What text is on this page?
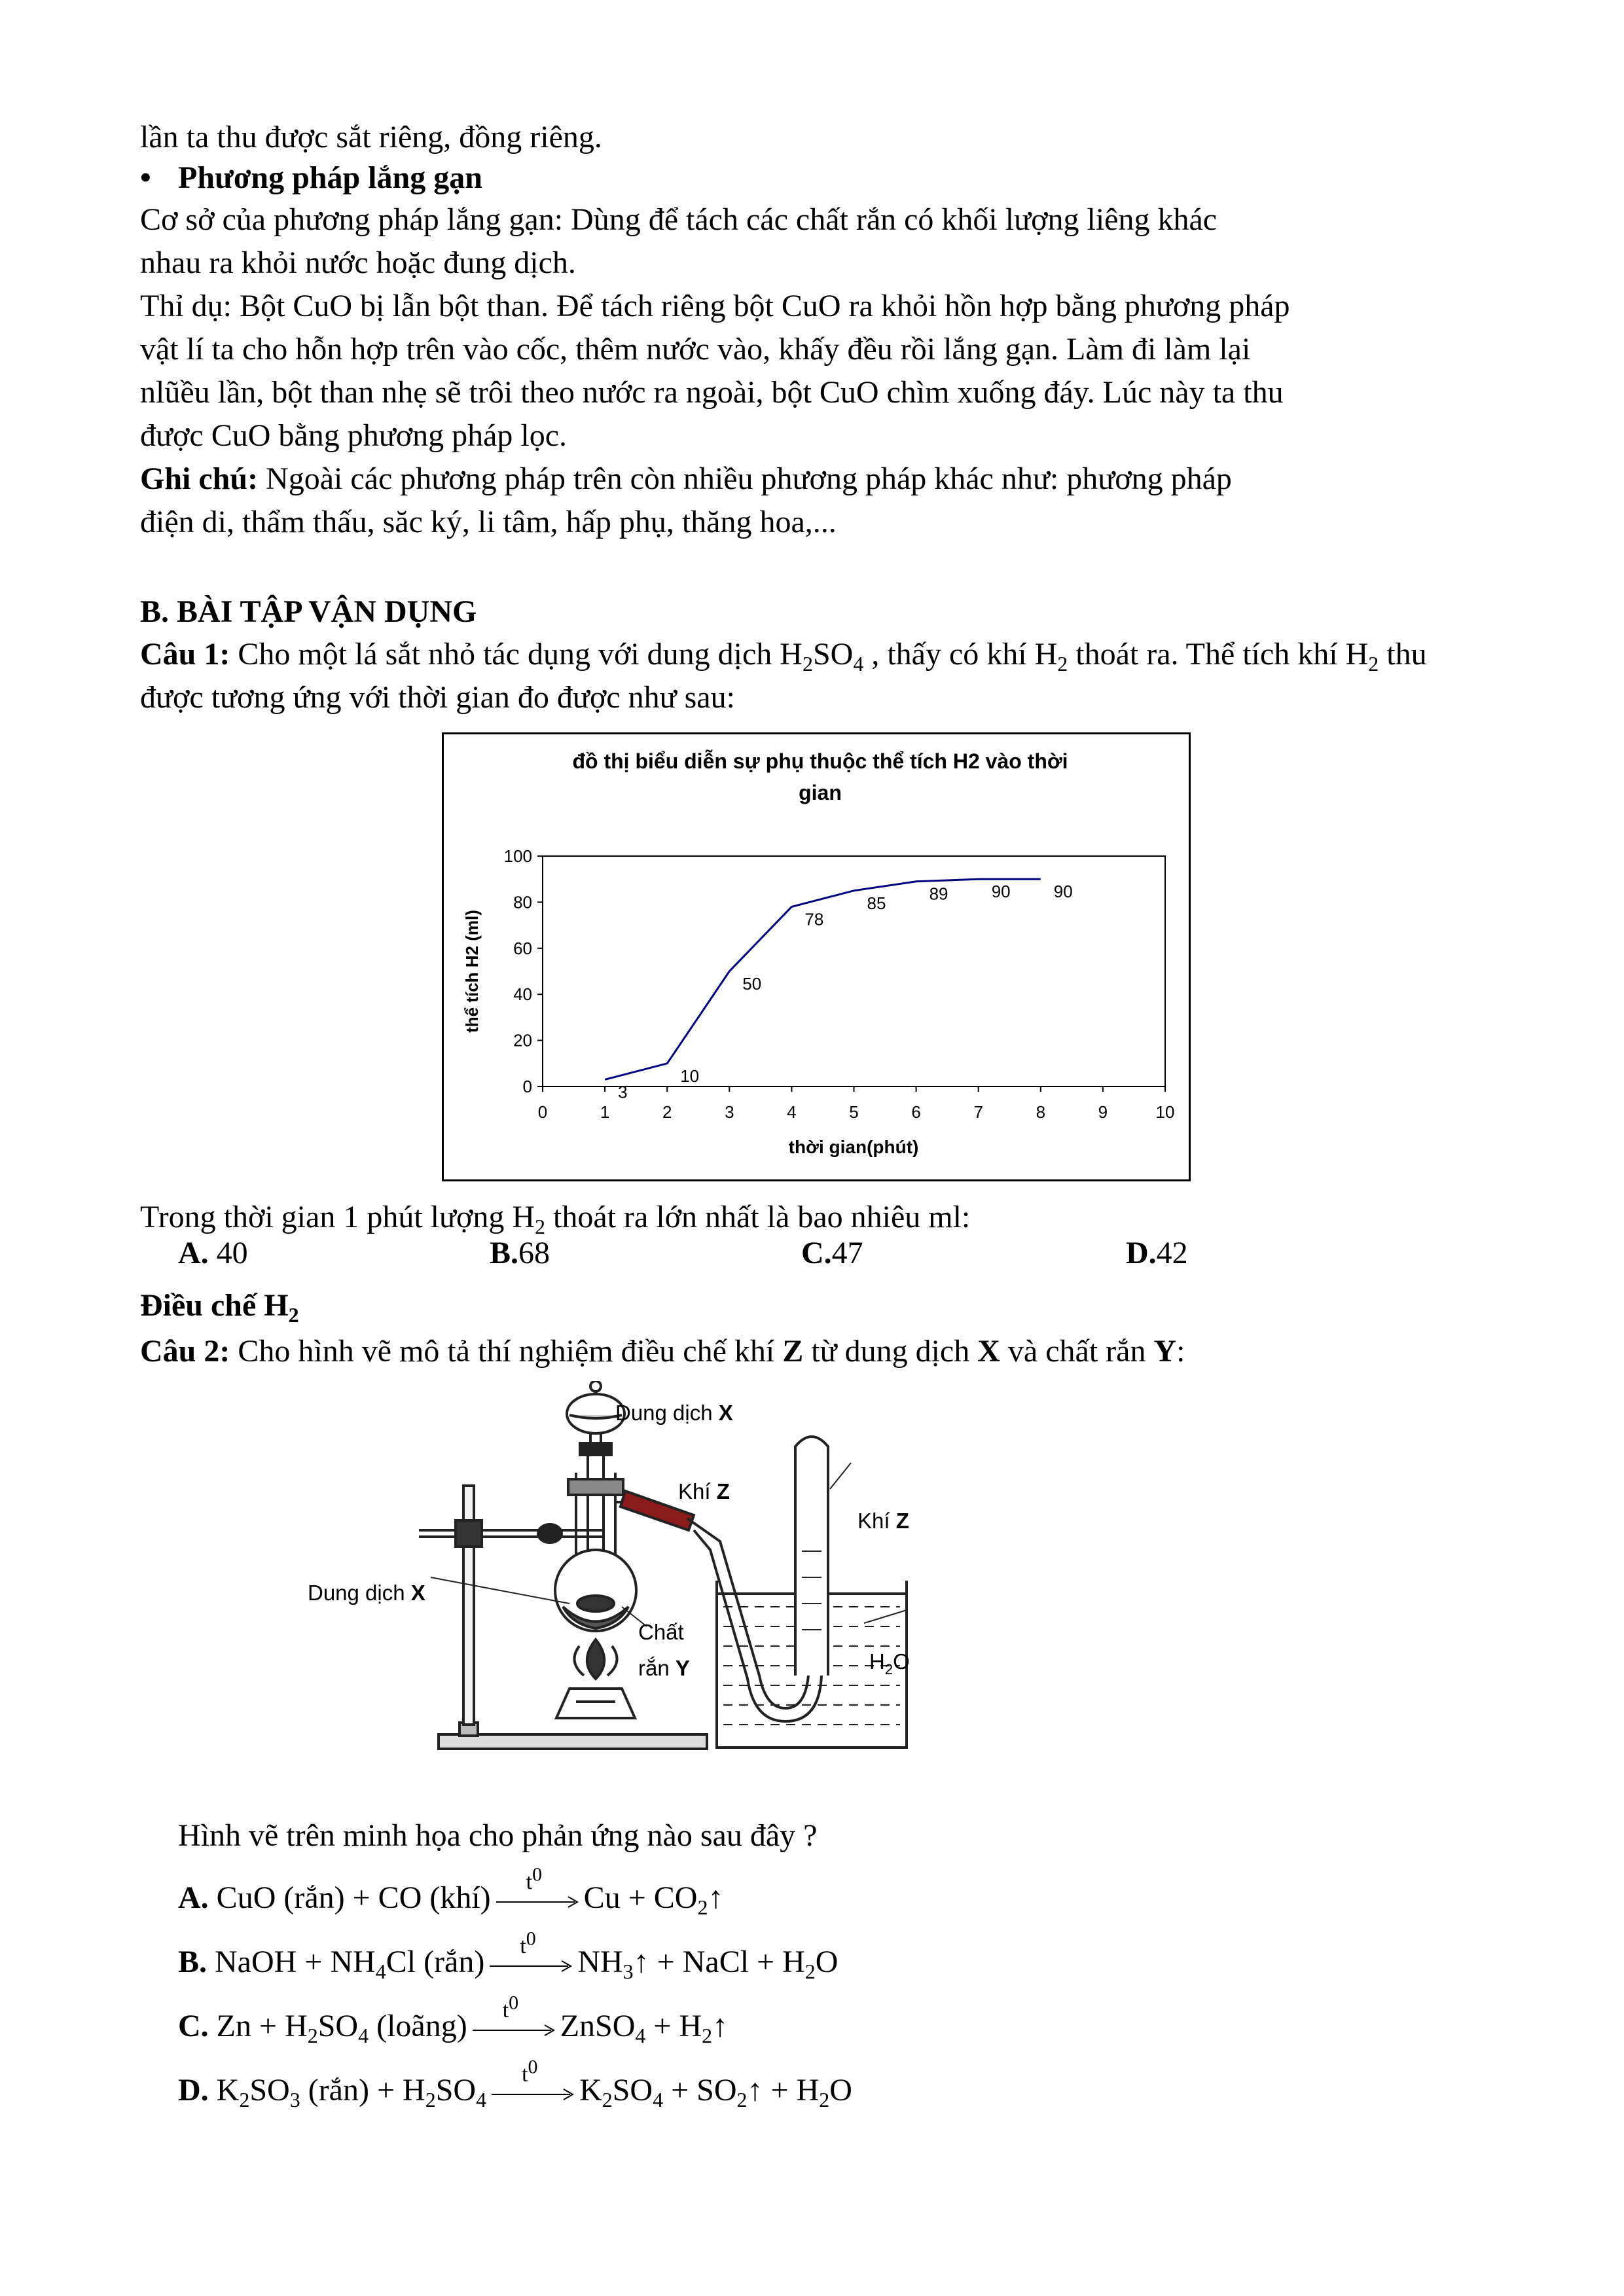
lần ta thu được sắt riêng, đồng riêng.
• Phương pháp lắng gạn
Cơ sở của phương pháp lắng gạn: Dùng để tách các chất rắn có khối lượng liêng khác
nhau ra khỏi nước hoặc đung dịch.
Thỉ dụ: Bột CuO bị lẫn bột than. Để tách riêng bột CuO ra khỏi hồn hợp bằng phương pháp
vật lí ta cho hỗn hợp trên vào cốc, thêm nước vào, khấy đều rồi lắng gạn. Làm đi làm lại
nlũều lần, bột than nhẹ sẽ trôi theo nước ra ngoài, bột CuO chìm xuống đáy. Lúc này ta thu
được CuO bằng phương pháp lọc.
Ghi chú: Ngoài các phương pháp trên còn nhiều phương pháp khác như: phương pháp
điện di, thẩm thấu, săc ký, li tâm, hấp phụ, thăng hoa,...
B. BÀI TẬP VẬN DỤNG
Câu 1: Cho một lá sắt nhỏ tác dụng với dung dịch $H_2SO_4$ , thấy có khí $H_2$ thoát ra. Thể tích khí $H_2$ thu
được tương ứng với thời gian đo được như sau:
đồ thị biểu diễn sự phụ thuộc thể tích H2 vào thời
gian
0
20
40
60
80
100
0	1	2	3	4	5	6	7	8	9	10
3
10
50
78
85	89	90	90
thời gian(phút)
thể tích H2 (ml)
Trong thời gian 1 phút lượng $H_2$ thoát ra lớn nhất là bao nhiêu ml:
A. 40	B.68	C.47	D.42
Điều chế $H_2$
Câu 2: Cho hình vẽ mô tả thí nghiệm điều chế khí Z từ dung dịch X và chất rắn Y:
Dung dịch X
Khí Z
Khí Z
Dung dịch X
Chất
rắn Y	$H_2O$
Hình vẽ trên minh họa cho phản ứng nào sau đây ?
A. CuO (rắn) + CO (khí) $t^0$
$Cu + CO_2↑$
B. NaOH + $NH_4Cl$ (rắn) $t^0$
$NH_3↑$ + NaCl + $H_2O$
C. $Zn + H_2SO_4$ (loãng) $t^0$
ZnSO$_4$ + $H_2↑$
D. $K_2SO_3$ (rắn) + $H_2SO_4$
$t^0$
$K_2SO_4$ + $SO_2↑ + H_2O$
